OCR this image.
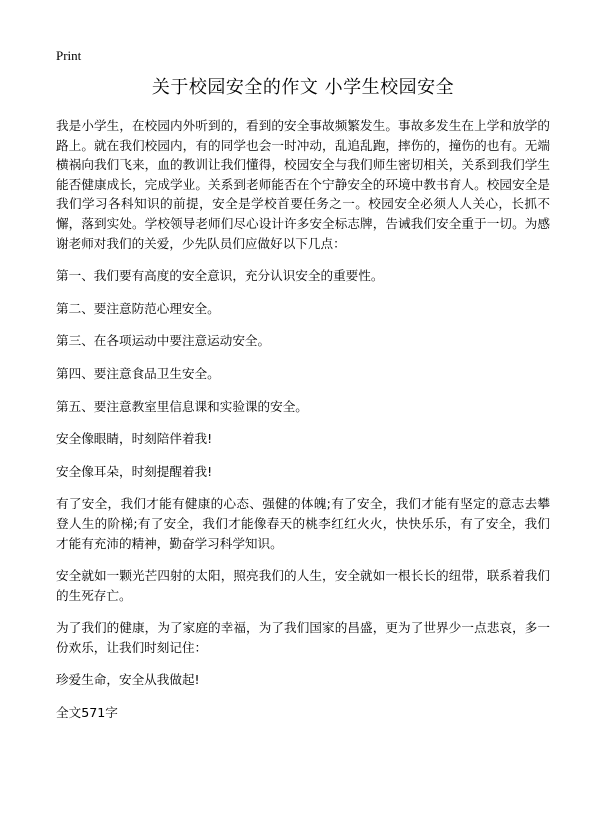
Print
关于校园安全的作文 小学生校园安全

我是小学生，在校园内外听到的，看到的安全事故频繁发生。事故多发生在上学和放学的路上。就在我们校园内，有的同学也会一时冲动，乱追乱跑，摔伤的，撞伤的也有。无端横祸向我们飞来，血的教训让我们懂得，校园安全与我们师生密切相关，关系到我们学生能否健康成长，完成学业。关系到老师能否在个宁静安全的环境中教书育人。校园安全是我们学习各科知识的前提，安全是学校首要任务之一。校园安全必须人人关心，长抓不懈，落到实处。学校领导老师们尽心设计许多安全标志牌，告诫我们安全重于一切。为感谢老师对我们的关爱，少先队员们应做好以下几点：

第一、我们要有高度的安全意识，充分认识安全的重要性。

第二、要注意防范心理安全。

第三、在各项运动中要注意运动安全。

第四、要注意食品卫生安全。

第五、要注意教室里信息课和实验课的安全。

安全像眼睛，时刻陪伴着我!

安全像耳朵，时刻提醒着我!

有了安全，我们才能有健康的心态、强健的体魄;有了安全，我们才能有坚定的意志去攀登人生的阶梯;有了安全，我们才能像春天的桃李红红火火，快快乐乐，有了安全，我们才能有充沛的精神，勤奋学习科学知识。

安全就如一颗光芒四射的太阳，照亮我们的人生，安全就如一根长长的纽带，联系着我们的生死存亡。

为了我们的健康，为了家庭的幸福，为了我们国家的昌盛，更为了世界少一点悲哀，多一份欢乐，让我们时刻记住：

珍爱生命，安全从我做起!

全文571字
